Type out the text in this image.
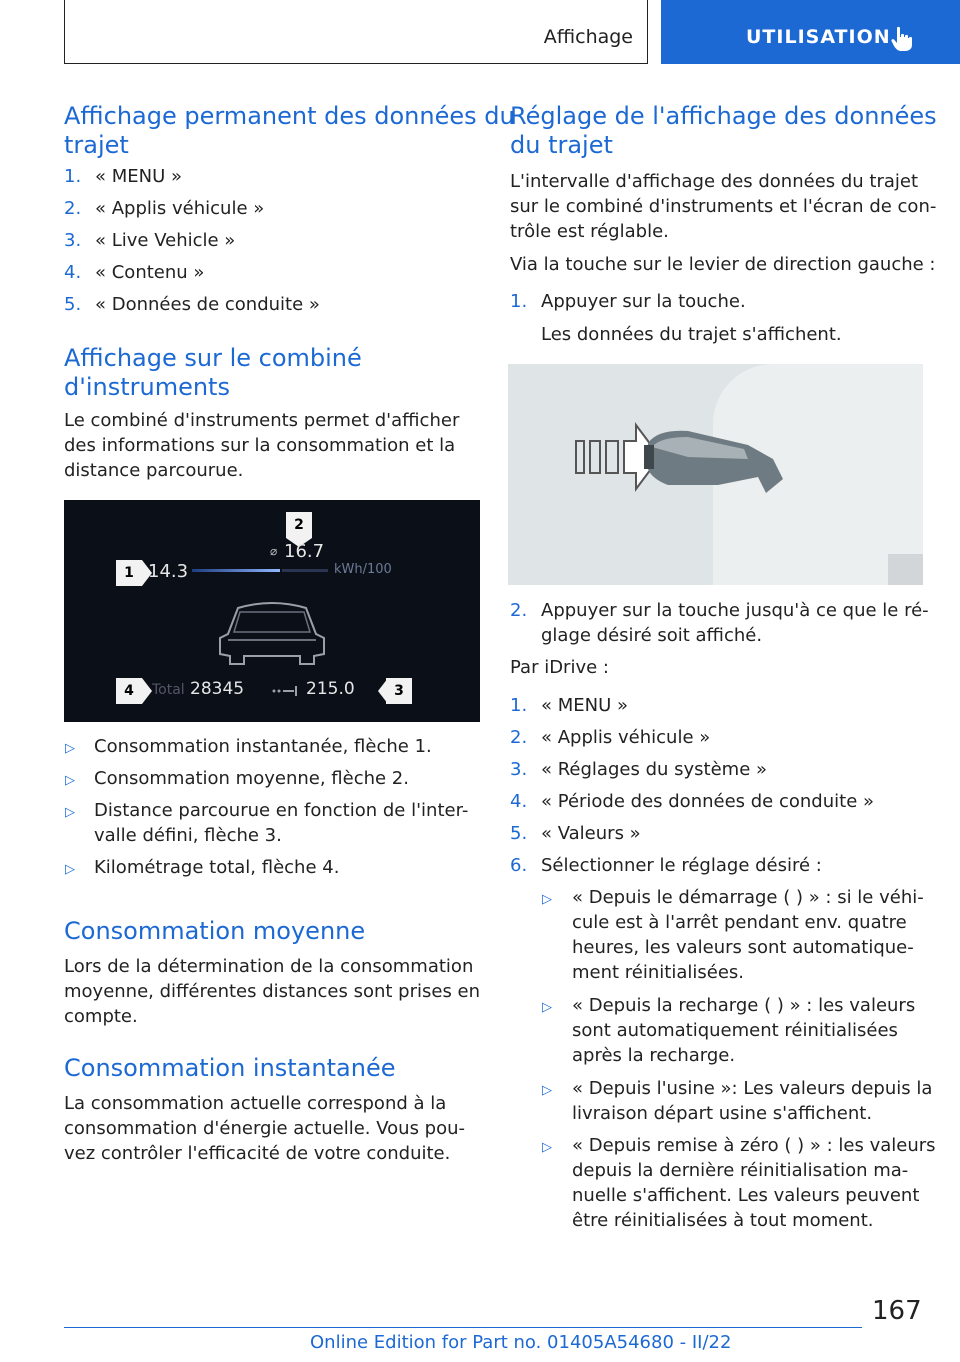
Affichage	UTILISATION
Affichage permanent des données du
trajet
1. « MENU »
2. « Applis véhicule »
3. « Live Vehicle »
4. « Contenu »
5. « Données de conduite »
Affichage sur le combiné
d'instruments

Le combiné d'instruments permet d'afficher
des informations sur la consommation et la
distance parcourue.

1 14.3
2
⌀ 16.7
kWh/100
4	Total 28345	215.0	3
▷ Consommation instantanée, flèche 1.
▷ Consommation moyenne, flèche 2.
▷ Distance parcourue en fonction de l'inter-
valle défini, flèche 3.
▷ Kilométrage total, flèche 4.
Consommation moyenne

Lors de la détermination de la consommation
moyenne, différentes distances sont prises en
compte.

Consommation instantanée

La consommation actuelle correspond à la
consommation d'énergie actuelle. Vous pou-
vez contrôler l'efficacité de votre conduite.

Réglage de l'affichage des données
du trajet

L'intervalle d'affichage des données du trajet
sur le combiné d'instruments et l'écran de con-
trôle est réglable.

Via la touche sur le levier de direction gauche :

1. Appuyer sur la touche.
Les données du trajet s'affichent.
2. Appuyer sur la touche jusqu'à ce que le ré-
glage désiré soit affiché.

Par iDrive :

1. « MENU »
2. « Applis véhicule »
3. « Réglages du système »
4. « Période des données de conduite »
5. « Valeurs »
6. Sélectionner le réglage désiré :
▷ « Depuis le démarrage ( ) » : si le véhi-
cule est à l'arrêt pendant env. quatre
heures, les valeurs sont automatique-
ment réinitialisées.
▷ « Depuis la recharge ( ) » : les valeurs
sont automatiquement réinitialisées
après la recharge.
▷ « Depuis l'usine »: Les valeurs depuis la
livraison départ usine s'affichent.
▷ « Depuis remise à zéro ( ) » : les valeurs
depuis la dernière réinitialisation ma-
nuelle s'affichent. Les valeurs peuvent
être réinitialisées à tout moment.
167
Online Edition for Part no. 01405A54680 - II/22
